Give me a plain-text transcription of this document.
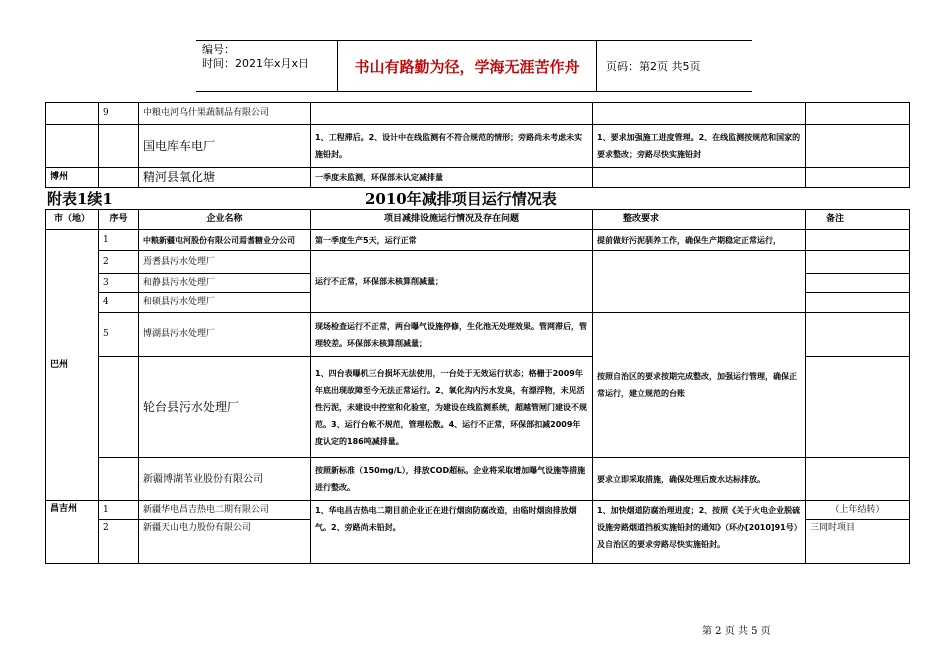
编号：
时间：2021年x月x日	书山有路勤为径，学海无涯苦作舟	页码：第2页 共5页
	9	中粮屯河乌什果蔬制品有限公司			
		国电库车电厂	1、工程滞后。2、设计中在线监测有不符合规范的情形；旁路尚未考虑未实施铅封。	1、要求加强施工进度管理。2、在线监测按规范和国家的要求整改；旁路尽快实施铅封	
博州		精河县氧化塘	一季度未监测，环保部未认定减排量		
附表1续1	2010年减排项目运行情况表
市（地）	序号	企业名称	项目减排设施运行情况及存在问题	整改要求	备注
巴州	1	中粮新疆屯河股份有限公司焉耆糖业分公司	第一季度生产5天，运行正常	提前做好污泥驯养工作，确保生产期稳定正常运行，	
	2	焉耆县污水处理厂	运行不正常，环保部未核算削减量；		
	3	和静县污水处理厂			
	4	和硕县污水处理厂			
	5	博湖县污水处理厂	现场检查运行不正常，两台曝气设施停修，生化池无处理效果。管网滞后，管理较差。环保部未核算削减量；	按照自治区的要求按期完成整改，加强运行管理，确保正常运行，建立规范的台账	
		轮台县污水处理厂	1、四台表曝机三台损坏无法使用，一台处于无效运行状态；格栅于2009年年底出现故障至今无法正常运行。2、氧化沟内污水发臭，有漂浮物，未见活性污泥，未建设中控室和化验室，为建设在线监测系统，超越管闸门建设不规范。3、运行台帐不规范，管理松散。4、运行不正常，环保部扣减2009年度认定的186吨减排量。		
		新疆博湖苇业股份有限公司	按照新标准（150mg/L），排放COD超标。企业将采取增加曝气设施等措施进行整改。	要求立即采取措施，确保处理后废水达标排放。	
昌吉州	1	新疆华电昌吉热电二期有限公司	1、华电昌吉热电二期目前企业正在进行烟囱防腐改造，由临时烟囱排放烟气。2、旁路尚未铅封。	1、加快烟道防腐治理进度；2、按照《关于火电企业脱硫设施旁路烟道挡板实施铅封的通知》（环办[2010]91号）及自治区的要求旁路尽快实施铅封。	（上年结转）
	2	新疆天山电力股份有限公司			三同时项目
第 2 页 共 5 页
